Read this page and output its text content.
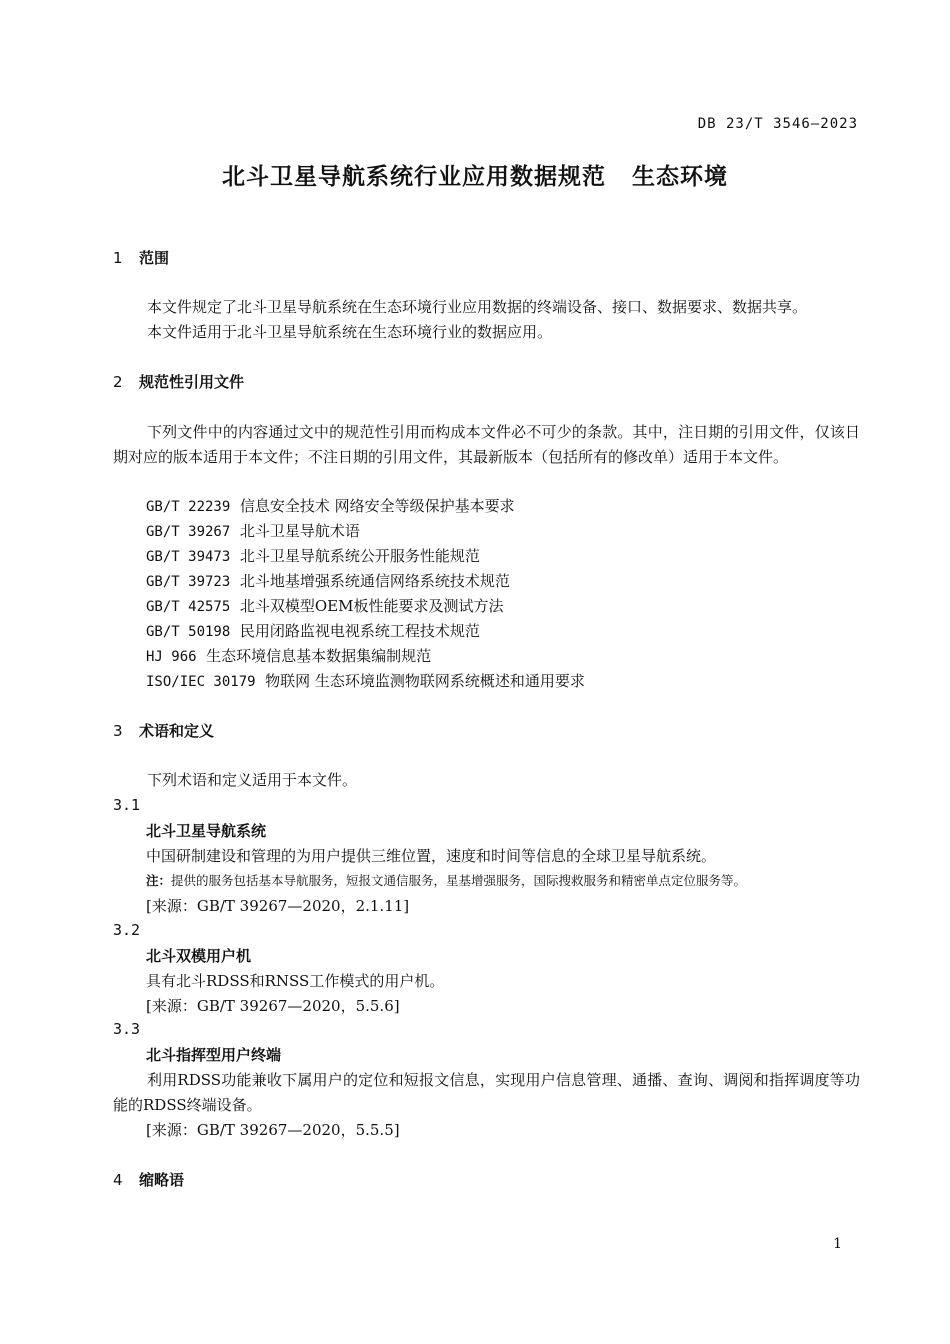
DB 23/T 3546—2023
北斗卫星导航系统行业应用数据规范 生态环境
1 范围
本文件规定了北斗卫星导航系统在生态环境行业应用数据的终端设备、接口、数据要求、数据共享。
本文件适用于北斗卫星导航系统在生态环境行业的数据应用。
2 规范性引用文件
下列文件中的内容通过文中的规范性引用而构成本文件必不可少的条款。其中，注日期的引用文件，仅该日期对应的版本适用于本文件；不注日期的引用文件，其最新版本（包括所有的修改单）适用于本文件。
GB/T 22239 信息安全技术 网络安全等级保护基本要求
GB/T 39267 北斗卫星导航术语
GB/T 39473 北斗卫星导航系统公开服务性能规范
GB/T 39723 北斗地基增强系统通信网络系统技术规范
GB/T 42575 北斗双模型OEM板性能要求及测试方法
GB/T 50198 民用闭路监视电视系统工程技术规范
HJ 966 生态环境信息基本数据集编制规范
ISO/IEC 30179 物联网 生态环境监测物联网系统概述和通用要求
3 术语和定义
下列术语和定义适用于本文件。
3.1
北斗卫星导航系统
中国研制建设和管理的为用户提供三维位置，速度和时间等信息的全球卫星导航系统。
注：提供的服务包括基本导航服务，短报文通信服务，星基增强服务，国际搜救服务和精密单点定位服务等。
[来源：GB/T 39267—2020，2.1.11]
3.2
北斗双模用户机
具有北斗RDSS和RNSS工作模式的用户机。
[来源：GB/T 39267—2020，5.5.6]
3.3
北斗指挥型用户终端
利用RDSS功能兼收下属用户的定位和短报文信息，实现用户信息管理、通播、查询、调阅和指挥调度等功能的RDSS终端设备。
[来源：GB/T 39267—2020，5.5.5]
4 缩略语
1
